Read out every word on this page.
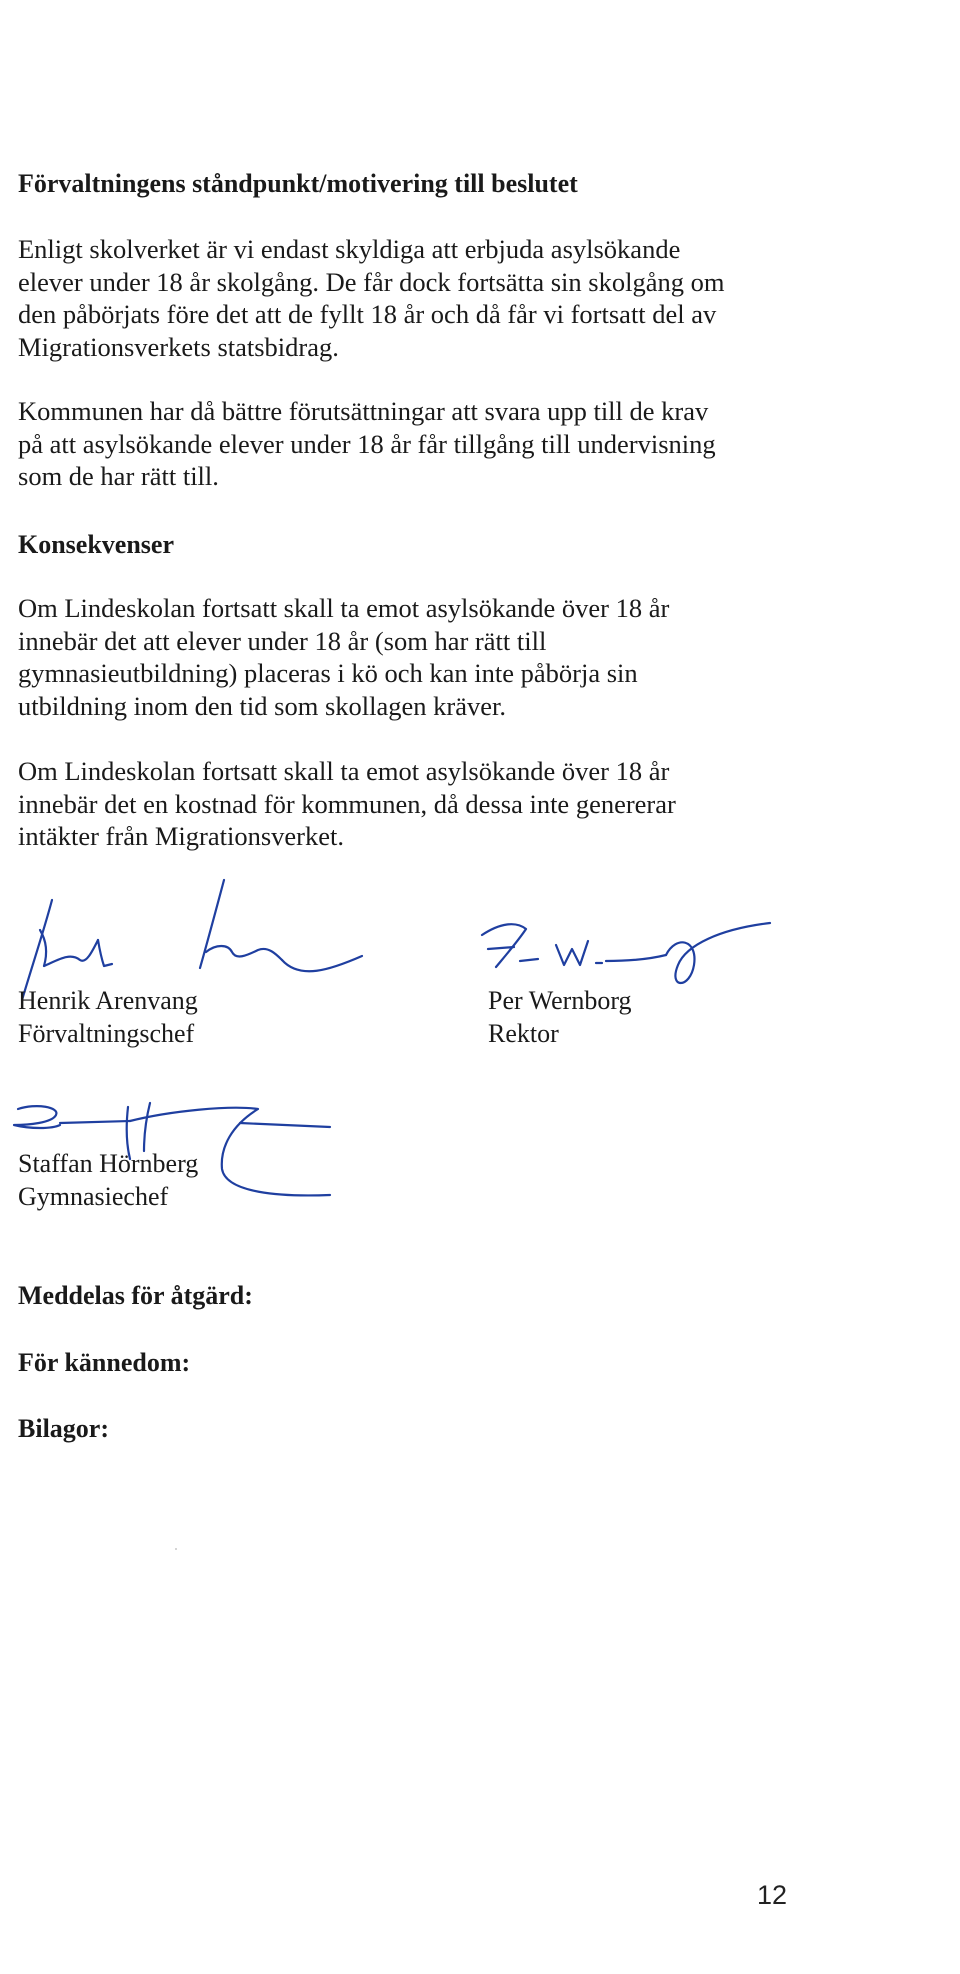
Förvaltningens ståndpunkt/motivering till beslutet

Enligt skolverket är vi endast skyldiga att erbjuda asylsökande
elever under 18 år skolgång. De får dock fortsätta sin skolgång om
den påbörjats före det att de fyllt 18 år och då får vi fortsatt del av
Migrationsverkets statsbidrag.

Kommunen har då bättre förutsättningar att svara upp till de krav
på att asylsökande elever under 18 år får tillgång till undervisning
som de har rätt till.

Konsekvenser

Om Lindeskolan fortsatt skall ta emot asylsökande över 18 år
innebär det att elever under 18 år (som har rätt till
gymnasieutbildning) placeras i kö och kan inte påbörja sin
utbildning inom den tid som skollagen kräver.

Om Lindeskolan fortsatt skall ta emot asylsökande över 18 år
innebär det en kostnad för kommunen, då dessa inte genererar
intäkter från Migrationsverket.

Henrik Arenvang
Förvaltningschef
Per Wernborg
Rektor
Staffan Hörnberg
Gymnasiechef
Meddelas för åtgärd:
För kännedom:
Bilagor:
12
